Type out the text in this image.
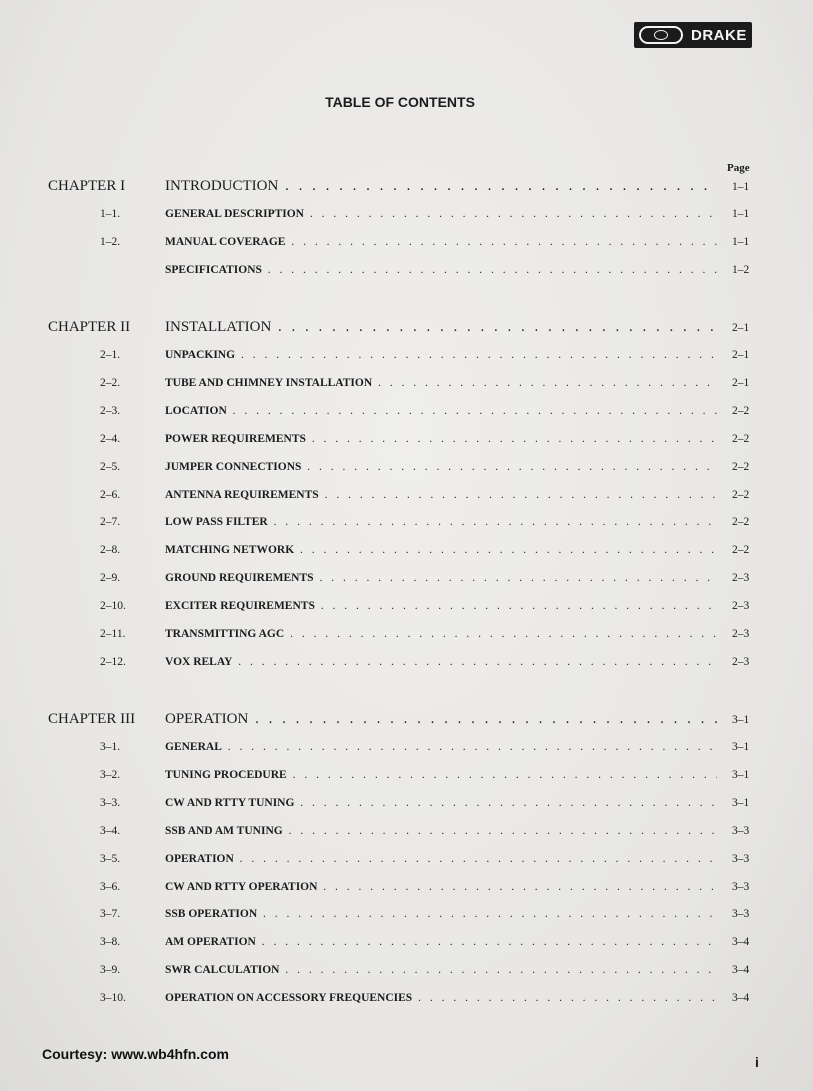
DRAKE
TABLE OF CONTENTS
Page
CHAPTER I	INTRODUCTION . . .	1–1
1–1.	GENERAL DESCRIPTION . . .	1–1
1–2.	MANUAL COVERAGE . . .	1–1
SPECIFICATIONS . . .	1–2
CHAPTER II INSTALLATION . . .	2–1
2–1.	UNPACKING . . .	2–1
2–2.	TUBE AND CHIMNEY INSTALLATION . . .	2–1
2–3.	LOCATION . . .	2–2
2–4.	POWER REQUIREMENTS . . .	2–2
2–5.	JUMPER CONNECTIONS . . .	2–2
2–6.	ANTENNA REQUIREMENTS . . .	2–2
2–7.	LOW PASS FILTER . . .	2–2
2–8.	MATCHING NETWORK . . .	2–2
2–9.	GROUND REQUIREMENTS . . .	2–3
2–10.	EXCITER REQUIREMENTS . . .	2–3
2–11.	TRANSMITTING AGC . . .	2–3
2–12.	VOX RELAY . . .	2–3
CHAPTER III OPERATION . . .	3–1
3–1.	GENERAL . . .	3–1
3–2.	TUNING PROCEDURE . . .	3–1
3–3.	CW AND RTTY TUNING . . .	3–1
3–4.	SSB AND AM TUNING . . .	3–3
3–5.	OPERATION . . .	3–3
3–6.	CW AND RTTY OPERATION . . .	3–3
3–7.	SSB OPERATION . . .	3–3
3–8.	AM OPERATION . . .	3–4
3–9.	SWR CALCULATION . . .	3–4
3–10.	OPERATION ON ACCESSORY FREQUENCIES . . .	3–4
Courtesy: www.wb4hfn.com	i
